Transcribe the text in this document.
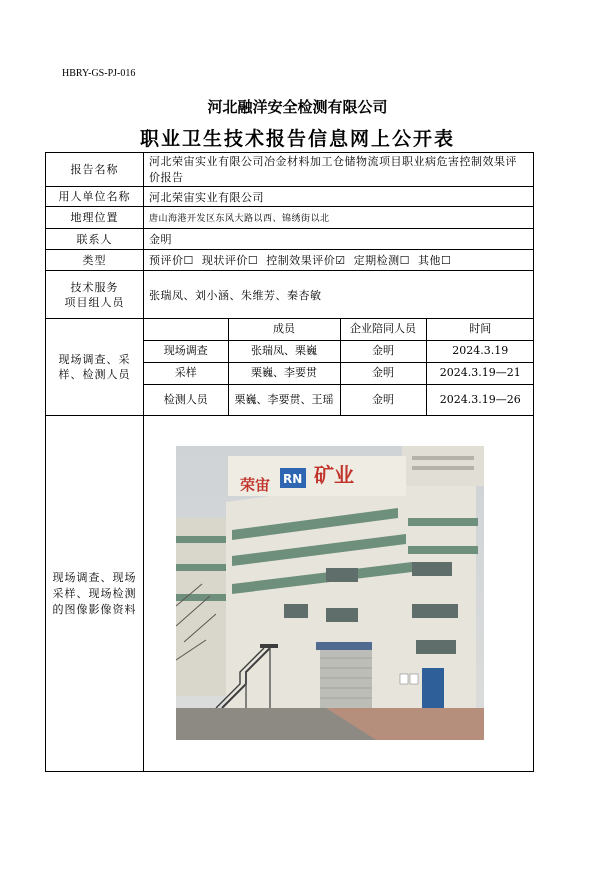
HBRY-GS-PJ-016
河北融洋安全检测有限公司
职业卫生技术报告信息网上公开表
报告名称	河北荣宙实业有限公司冶金材料加工仓储物流项目职业病危害控制效果评价报告
用人单位名称	河北荣宙实业有限公司
地理位置	唐山海港开发区东风大路以西、锦绣街以北
联系人	金明
类型	预评价☐ 现状评价☐ 控制效果评价☑ 定期检测☐ 其他☐

技术服务
项目组人员
	张瑞凤、刘小涵、朱维芳、秦杏敏
现场调查、采样、检测人员	
	成员	企业陪同人员	时间
现场调查	张瑞凤、栗巍	金明	2024.3.19
采样	栗巍、李要贯	金明	2024.3.19—21
检测人员	栗巍、李要贯、王瑶	金明	2024.3.19—26

现场调查、现场采样、现场检测的图像影像资料	
荣宙 RN 矿业
